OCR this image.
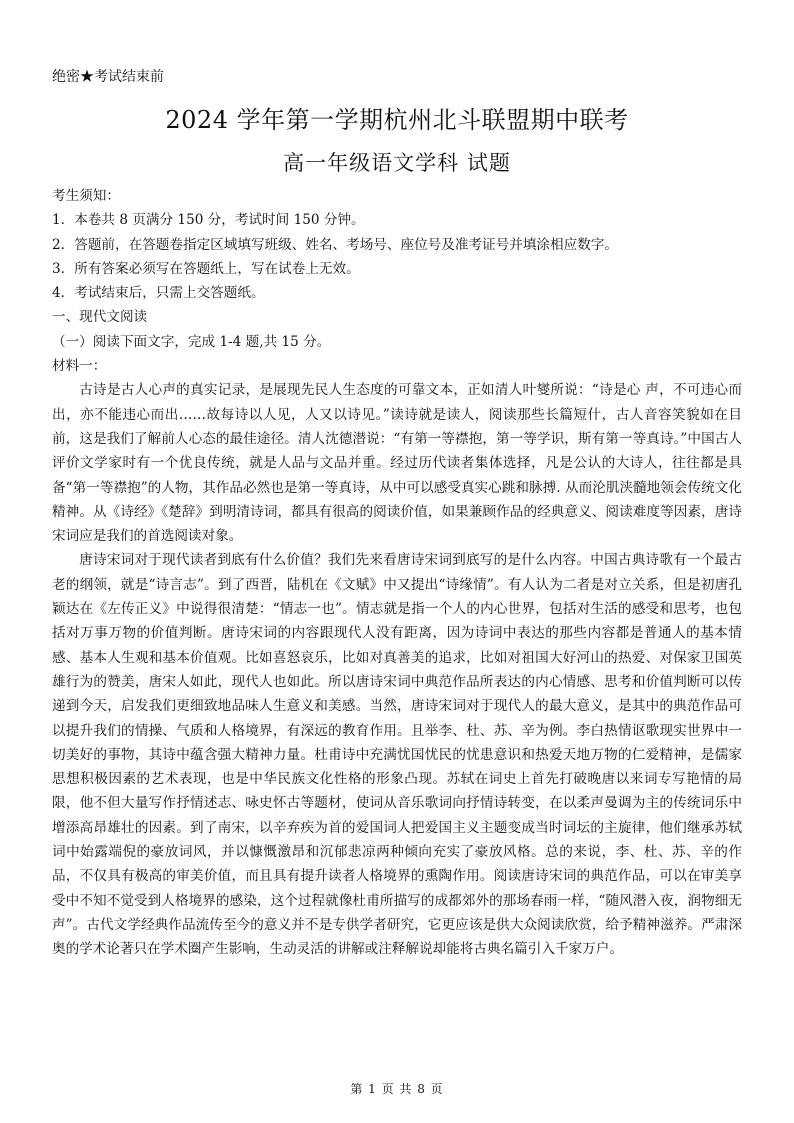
绝密★考试结束前
2024 学年第一学期杭州北斗联盟期中联考
高一年级语文学科 试题

考生须知：

1．本卷共 8 页满分 150 分，考试时间 150 分钟。

2．答题前，在答题卷指定区域填写班级、姓名、考场号、座位号及准考证号并填涂相应数字。

3．所有答案必须写在答题纸上，写在试卷上无效。

4．考试结束后，只需上交答题纸。

一、现代文阅读

（一）阅读下面文字，完成 1-4 题,共 15 分。

材料一：

古诗是古人心声的真实记录，是展现先民人生态度的可靠文本，正如清人叶燮所说：“诗是心 声，不可违心而出，亦不能违心而出……故每诗以人见，人又以诗见。”读诗就是读人，阅读那些长篇短什，古人音容笑貌如在目前，这是我们了解前人心态的最佳途径。清人沈德潜说：“有第一等襟抱，第一等学识，斯有第一等真诗。”中国古人评价文学家时有一个优良传统，就是人品与文品并重。经过历代读者集体选择，凡是公认的大诗人，往往都是具备“第一等襟抱”的人物，其作品必然也是第一等真诗，从中可以感受真实心跳和脉搏. 从而沦肌浃髓地领会传统文化精神。从《诗经》《楚辞》到明清诗词，都具有很高的阅读价值，如果兼顾作品的经典意义、阅读难度等因素，唐诗宋词应是我们的首选阅读对象。

唐诗宋词对于现代读者到底有什么价值？我们先来看唐诗宋词到底写的是什么内容。中国古典诗歌有一个最古老的纲领，就是“诗言志”。到了西晋，陆机在《文赋》中又提出“诗缘情”。有人认为二者是对立关系，但是初唐孔颖达在《左传正义》中说得很清楚：“情志一也”。情志就是指一个人的内心世界，包括对生活的感受和思考，也包括对万事万物的价值判断。唐诗宋词的内容跟现代人没有距离，因为诗词中表达的那些内容都是普通人的基本情感、基本人生观和基本价值观。比如喜怒哀乐，比如对真善美的追求，比如对祖国大好河山的热爱、对保家卫国英雄行为的赞美，唐宋人如此，现代人也如此。所以唐诗宋词中典范作品所表达的内心情感、思考和价值判断可以传递到今天，启发我们更细致地品味人生意义和美感。当然，唐诗宋词对于现代人的最大意义，是其中的典范作品可以提升我们的情操、气质和人格境界，有深远的教育作用。且举李、杜、苏、辛为例。李白热情讴歌现实世界中一切美好的事物，其诗中蕴含强大精神力量。杜甫诗中充满忧国忧民的忧患意识和热爱天地万物的仁爱精神，是儒家思想积极因素的艺术表现，也是中华民族文化性格的形象凸现。苏轼在词史上首先打破晚唐以来词专写艳情的局限，他不但大量写作抒情述志、咏史怀古等题材，使词从音乐歌词向抒情诗转变，在以柔声曼调为主的传统词乐中增添高昂雄壮的因素。到了南宋，以辛弃疾为首的爱国词人把爱国主义主题变成当时词坛的主旋律，他们继承苏轼词中始露端倪的豪放词风，并以慷慨激昂和沉郁悲凉两种倾向充实了豪放风格。总的来说，李、杜、苏、辛的作品，不仅具有极高的审美价值，而且具有提升读者人格境界的熏陶作用。阅读唐诗宋词的典范作品，可以在审美享受中不知不觉受到人格境界的感染，这个过程就像杜甫所描写的成都郊外的那场春雨一样，“随风潜入夜，润物细无声”。古代文学经典作品流传至今的意义并不是专供学者研究，它更应该是供大众阅读欣赏，给予精神滋养。严肃深奥的学术论著只在学术圈产生影响，生动灵活的讲解或注释解说却能将古典名篇引入千家万户。

第 1 页 共 8 页
